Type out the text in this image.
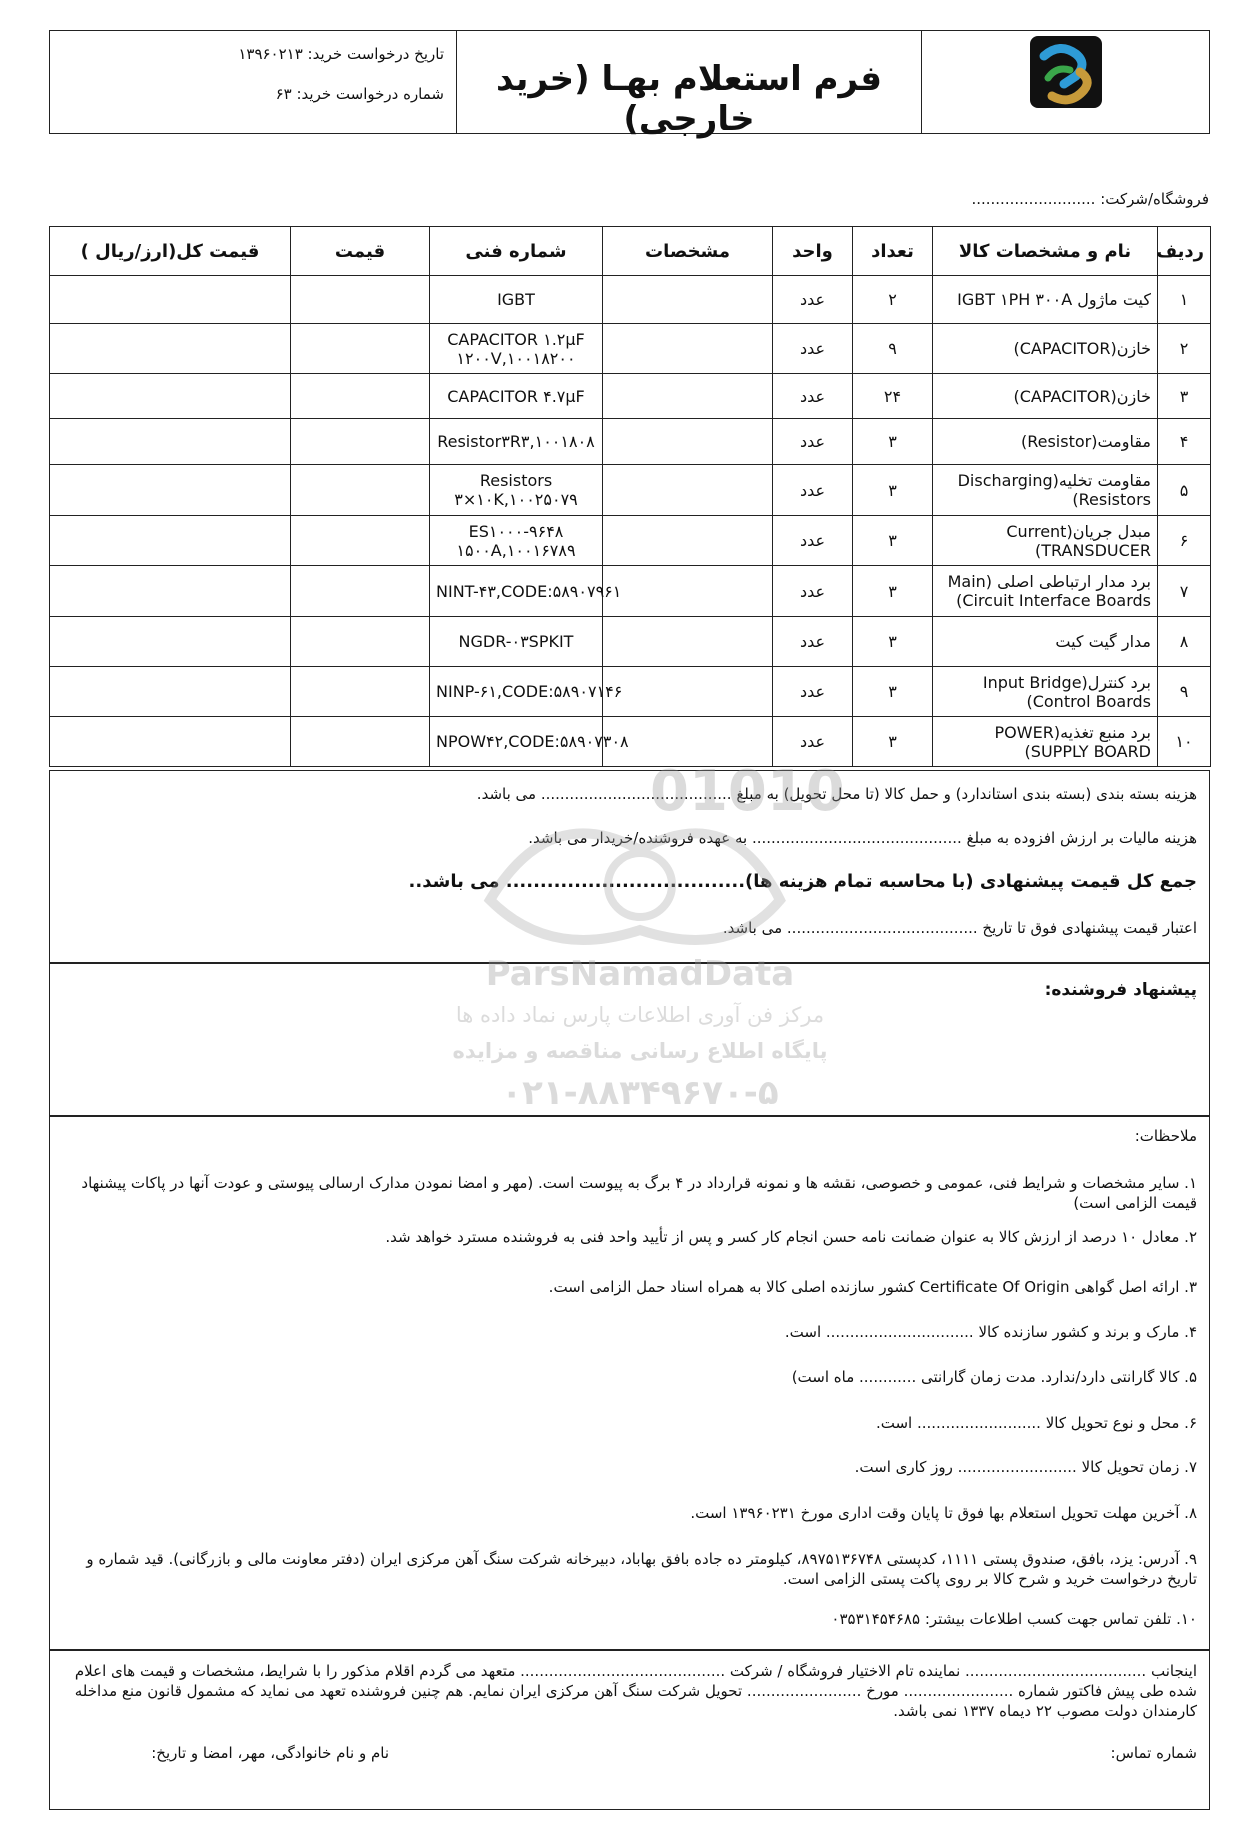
فرم استعلام بهـا (خرید خارجی)
تاریخ درخواست خرید: ۱۳۹۶۰۲۱۳
شماره درخواست خرید: ۶۳
فروشگاه/شرکت: ..........................
ردیف	نام و مشخصات کالا	تعداد	واحد	مشخصات	شماره فنی	قیمت	قیمت کل(ارز/ریال )
۱	کیت ماژول IGBT ۱PH ۳۰۰A	۲	عدد		IGBT		
۲	خازن(CAPACITOR)	۹	عدد		CAPACITOR ۱.۲µF ۱۲۰۰V,۱۰۰۱۸۲۰۰		
۳	خازن(CAPACITOR)	۲۴	عدد		CAPACITOR ۴.۷µF		
۴	مقاومت(Resistor)	۳	عدد		Resistor۳R۳,۱۰۰۱۸۰۸		
۵	مقاومت تخلیه(Discharging Resistors)	۳	عدد		Resistors ۳×۱۰K,۱۰۰۲۵۰۷۹		
۶	مبدل جریان(Current TRANSDUCER)	۳	عدد		ES۱۰۰۰-۹۶۴۸ ۱۵۰۰A,۱۰۰۱۶۷۸۹		
۷	برد مدار ارتباطی اصلی (Main Circuit Interface Boards)	۳	عدد		NINT-۴۳,CODE:۵۸۹۰۷۹۶۱		
۸	مدار گیت کیت	۳	عدد		NGDR-۰۳SPKIT		
۹	برد کنترل(Input Bridge Control Boards)	۳	عدد		NINP-۶۱,CODE:۵۸۹۰۷۱۴۶		
۱۰	برد منبع تغذیه(POWER SUPPLY BOARD)	۳	عدد		NPOW۴۲,CODE:۵۸۹۰۷۳۰۸		
هزینه بسته بندی (بسته بندی استاندارد) و حمل کالا (تا محل تحویل) به مبلغ ........................................ می باشد.
هزینه مالیات بر ارزش افزوده به مبلغ ............................................ به عهده فروشنده/خریدار می باشد.
جمع کل قیمت پیشنهادی (با محاسبه تمام هزینه ها)................................... می باشد..
اعتبار قیمت پیشنهادی فوق تا تاریخ ........................................ می باشد.
پیشنهاد فروشنده:
01010
ParsNamadData
مرکز فن آوری اطلاعات پارس نماد داده ها
پایگاه اطلاع رسانی مناقصه و مزایده
۰۲۱-۸۸۳۴۹۶۷۰-۵
ملاحظات:
۱. سایر مشخصات و شرایط فنی، عمومی و خصوصی، نقشه ها و نمونه قرارداد در ۴ برگ به پیوست است. (مهر و امضا نمودن مدارک ارسالی پیوستی و عودت آنها در پاکات پیشنهاد قیمت الزامی است)
۲. معادل ۱۰ درصد از ارزش کالا به عنوان ضمانت نامه حسن انجام کار کسر و پس از تأیید واحد فنی به فروشنده مسترد خواهد شد.
۳. ارائه اصل گواهی Certificate Of Origin کشور سازنده اصلی کالا به همراه اسناد حمل الزامی است.
۴. مارک و برند و کشور سازنده کالا ............................... است.
۵. کالا گارانتی دارد/ندارد. مدت زمان گارانتی ............ ماه است)
۶. محل و نوع تحویل کالا .......................... است.
۷. زمان تحویل کالا ......................... روز کاری است.
۸. آخرین مهلت تحویل استعلام بها فوق تا پایان وقت اداری مورخ ۱۳۹۶۰۲۳۱ است.
۹. آدرس: یزد، بافق، صندوق پستی ۱۱۱۱، کدپستی ۸۹۷۵۱۳۶۷۴۸، کیلومتر ده جاده بافق بهاباد، دبیرخانه شرکت سنگ آهن مرکزی ایران (دفتر معاونت مالی و بازرگانی). قید شماره و تاریخ درخواست خرید و شرح کالا بر روی پاکت پستی الزامی است.
۱۰. تلفن تماس جهت کسب اطلاعات بیشتر: ۰۳۵۳۱۴۵۴۶۸۵
اینجانب ...................................... نماینده تام الاختیار فروشگاه / شرکت ........................................... متعهد می گردم اقلام مذکور را با شرایط، مشخصات و قیمت های اعلام شده طی پیش فاکتور شماره ....................... مورخ ........................ تحویل شرکت سنگ آهن مرکزی ایران نمایم. هم چنین فروشنده تعهد می نماید که مشمول قانون منع مداخله کارمندان دولت مصوب ۲۲ دیماه ۱۳۳۷ نمی باشد.
شماره تماس:
نام و نام خانوادگی، مهر، امضا و تاریخ:
